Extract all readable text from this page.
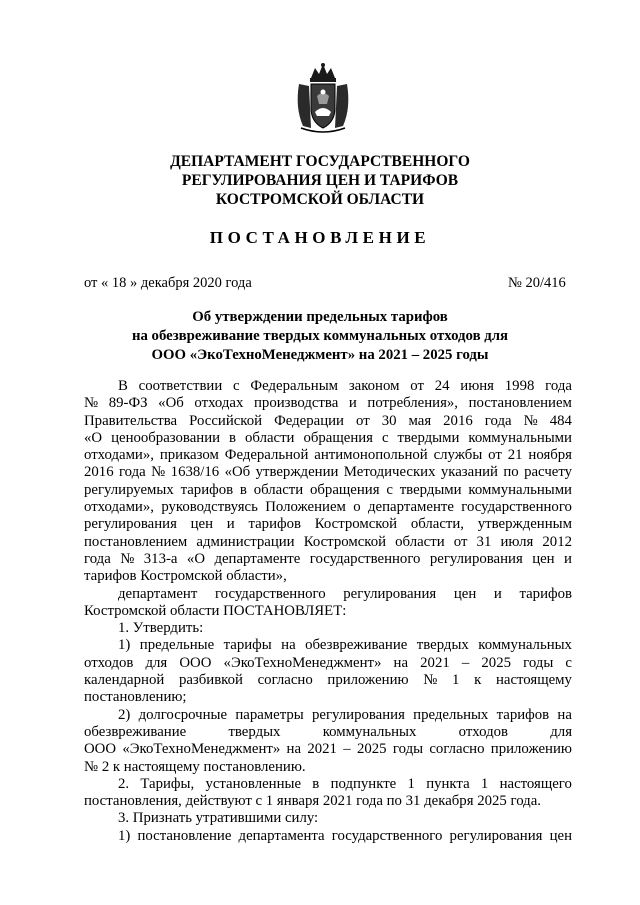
ДЕПАРТАМЕНТ ГОСУДАРСТВЕННОГО
РЕГУЛИРОВАНИЯ ЦЕН И ТАРИФОВ
КОСТРОМСКОЙ ОБЛАСТИ
ПОСТАНОВЛЕНИЕ
от « 18 » декабря 2020 года	№ 20/416
Об утверждении предельных тарифов
на обезвреживание твердых коммунальных отходов для
ООО «ЭкоТехноМенеджмент» на 2021 – 2025 годы
В соответствии с Федеральным законом от 24 июня 1998 года
№ 89-ФЗ «Об отходах производства и потребления», постановлением
Правительства Российской Федерации от 30 мая 2016 года № 484
«О ценообразовании в области обращения с твердыми коммунальными
отходами», приказом Федеральной антимонопольной службы от 21 ноября
2016 года № 1638/16 «Об утверждении Методических указаний по расчету
регулируемых тарифов в области обращения с твердыми коммунальными
отходами», руководствуясь Положением о департаменте государственного
регулирования цен и тарифов Костромской области, утвержденным
постановлением администрации Костромской области от 31 июля 2012
года № 313-а «О департаменте государственного регулирования цен и
тарифов Костромской области»,
департамент государственного регулирования цен и тарифов
Костромской области ПОСТАНОВЛЯЕТ:
1. Утвердить:
1) предельные тарифы на обезвреживание твердых коммунальных
отходов для ООО «ЭкоТехноМенеджмент» на 2021 – 2025 годы с
календарной разбивкой согласно приложению № 1 к настоящему
постановлению;
2) долгосрочные параметры регулирования предельных тарифов на
обезвреживание	твердых	коммунальных	отходов	для
ООО «ЭкоТехноМенеджмент» на 2021 – 2025 годы согласно приложению
№ 2 к настоящему постановлению.
2. Тарифы, установленные в подпункте 1 пункта 1 настоящего
постановления, действуют с 1 января 2021 года по 31 декабря 2025 года.
3. Признать утратившими силу:
1) постановление департамента государственного регулирования цен
